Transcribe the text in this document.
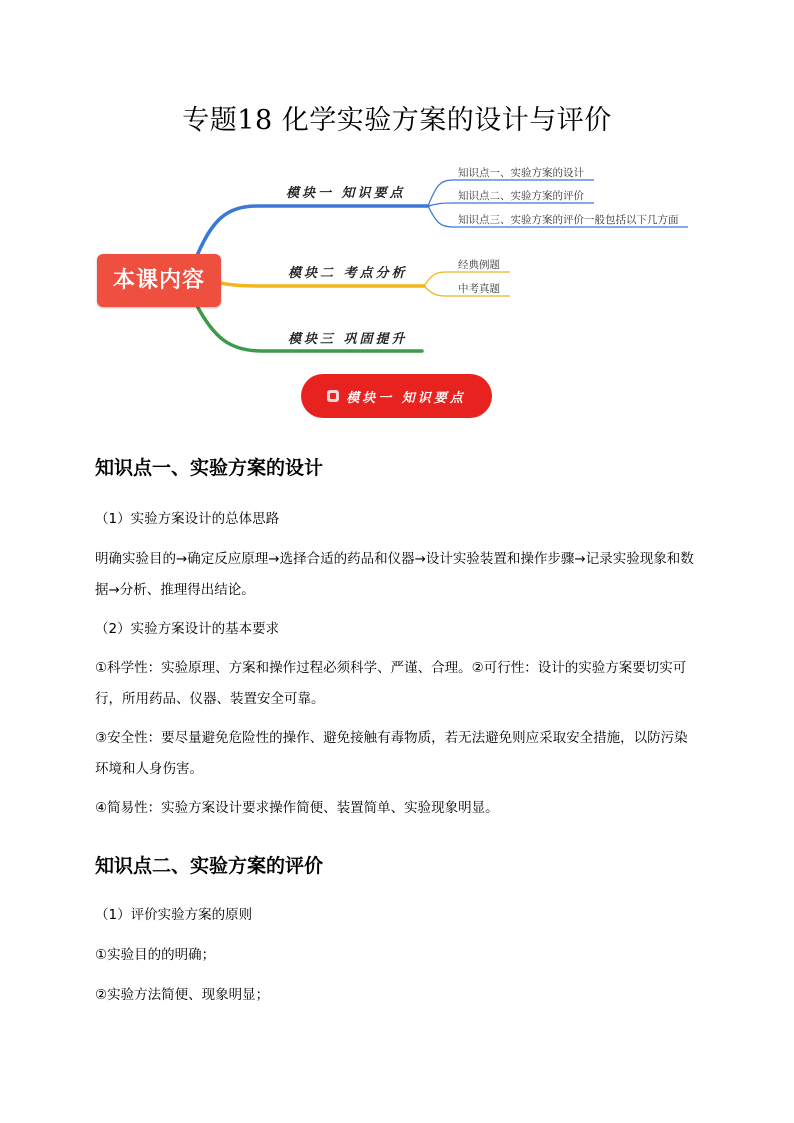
专题18 化学实验方案的设计与评价
本课内容
模块一 知识要点
模块二 考点分析
模块三 巩固提升
知识点一、实验方案的设计
知识点二、实验方案的评价
知识点三、实验方案的评价一般包括以下几方面
经典例题
中考真题
模块一 知识要点
知识点一、实验方案的设计
（1）实验方案设计的总体思路
明确实验目的→确定反应原理→选择合适的药品和仪器→设计实验装置和操作步骤→记录实验现象和数据→分析、推理得出结论。
（2）实验方案设计的基本要求
①科学性：实验原理、方案和操作过程必须科学、严谨、合理。②可行性：设计的实验方案要切实可行，所用药品、仪器、装置安全可靠。
③安全性：要尽量避免危险性的操作、避免接触有毒物质，若无法避免则应采取安全措施，以防污染环境和人身伤害。
④简易性：实验方案设计要求操作简便、装置简单、实验现象明显。
知识点二、实验方案的评价
（1）评价实验方案的原则
①实验目的的明确；
②实验方法简便、现象明显；
